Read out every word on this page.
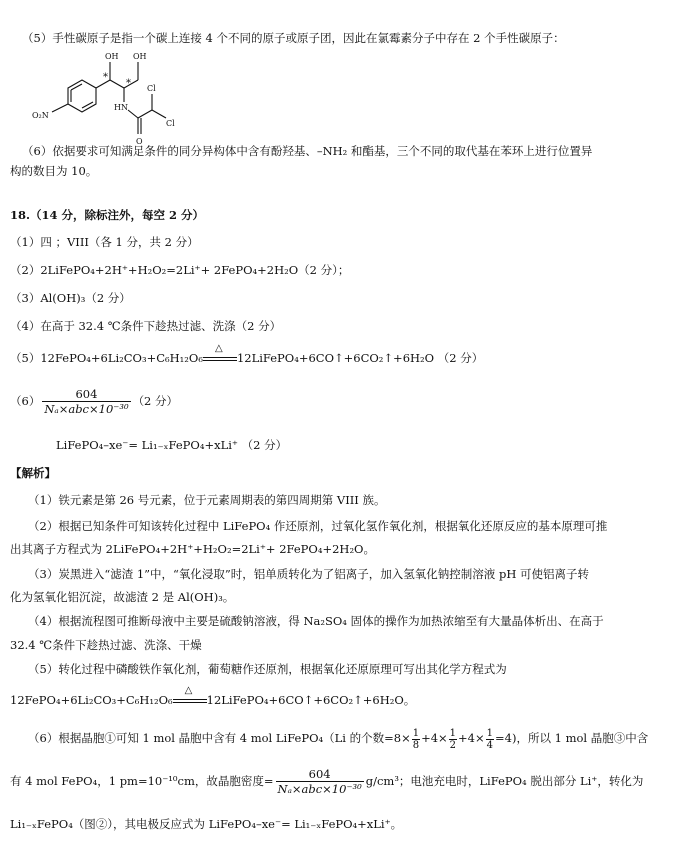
（5）手性碳原子是指一个碳上连接 4 个不同的原子或原子团，因此在氯霉素分子中存在 2 个手性碳原子：
OH OH
O₂N
HN
O
Cl
Cl
*
*
（6）依据要求可知满足条件的同分异构体中含有酚羟基、–NH₂ 和酯基，三个不同的取代基在苯环上进行位置异
构的数目为 10。
18.（14 分，除标注外，每空 2 分）
（1）四 ；VIII（各 1 分，共 2 分）
（2）2LiFePO₄+2H⁺+H₂O₂=2Li⁺+ 2FePO₄+2H₂O（2 分）；
（3）Al(OH)₃（2 分）
（4）在高于 32.4 ℃条件下趁热过滤、洗涤（2 分）
（5）12FePO₄+6Li₂CO₃+C₆H₁₂O₆
△
12LiFePO₄+6CO↑+6CO₂↑+6H₂O （2 分）
$(6) \frac{604}{\text{Nₐ×abc×10⁻³⁰}} (2$ 分）
LiFePO₄–xe⁻= Li₁₋ₓFePO₄+xLi⁺ （2 分）
【解析】
（1）铁元素是第 26 号元素，位于元素周期表的第四周期第 VIII 族。
（2）根据已知条件可知该转化过程中 LiFePO₄ 作还原剂，过氧化氢作氧化剂，根据氧化还原反应的基本原理可推
出其离子方程式为 2LiFePO₄+2H⁺+H₂O₂=2Li⁺+ 2FePO₄+2H₂O。
（3）炭黑进入“滤渣 1”中，“氧化浸取”时，铝单质转化为了铝离子，加入氢氧化钠控制溶液 pH 可使铝离子转
化为氢氧化铝沉淀，故滤渣 2 是 Al(OH)₃。
（4）根据流程图可推断母液中主要是硫酸钠溶液，得 Na₂SO₄ 固体的操作为加热浓缩至有大量晶体析出、在高于
32.4 ℃条件下趁热过滤、洗涤、干燥
（5）转化过程中磷酸铁作氧化剂，葡萄糖作还原剂，根据氧化还原原理可写出其化学方程式为
12FePO₄+6Li₂CO₃+C₆H₁₂O₆
△
12LiFePO₄+6CO↑+6CO₂↑+6H₂O。
（6）根据晶胞①可知 1 mol 晶胞中含有 4 mol LiFePO₄（Li 的个数$=8\times \frac{1}{8} +4\times \frac{1}{2} +4\times \frac{1}{4} =4$)，所以 1 mol 晶胞③中含
有 4 mol FePO₄，1 pm=10⁻¹⁰cm，故晶胞密度= $\frac{604}{\text{Nₐ×abc×10⁻³⁰}} g/cm^3$；电池充电时，LiFePO₄ 脱出部分 Li⁺，转化为
Li₁₋ₓFePO₄（图②），其电极反应式为 LiFePO₄–xe⁻= Li₁₋ₓFePO₄+xLi⁺。
